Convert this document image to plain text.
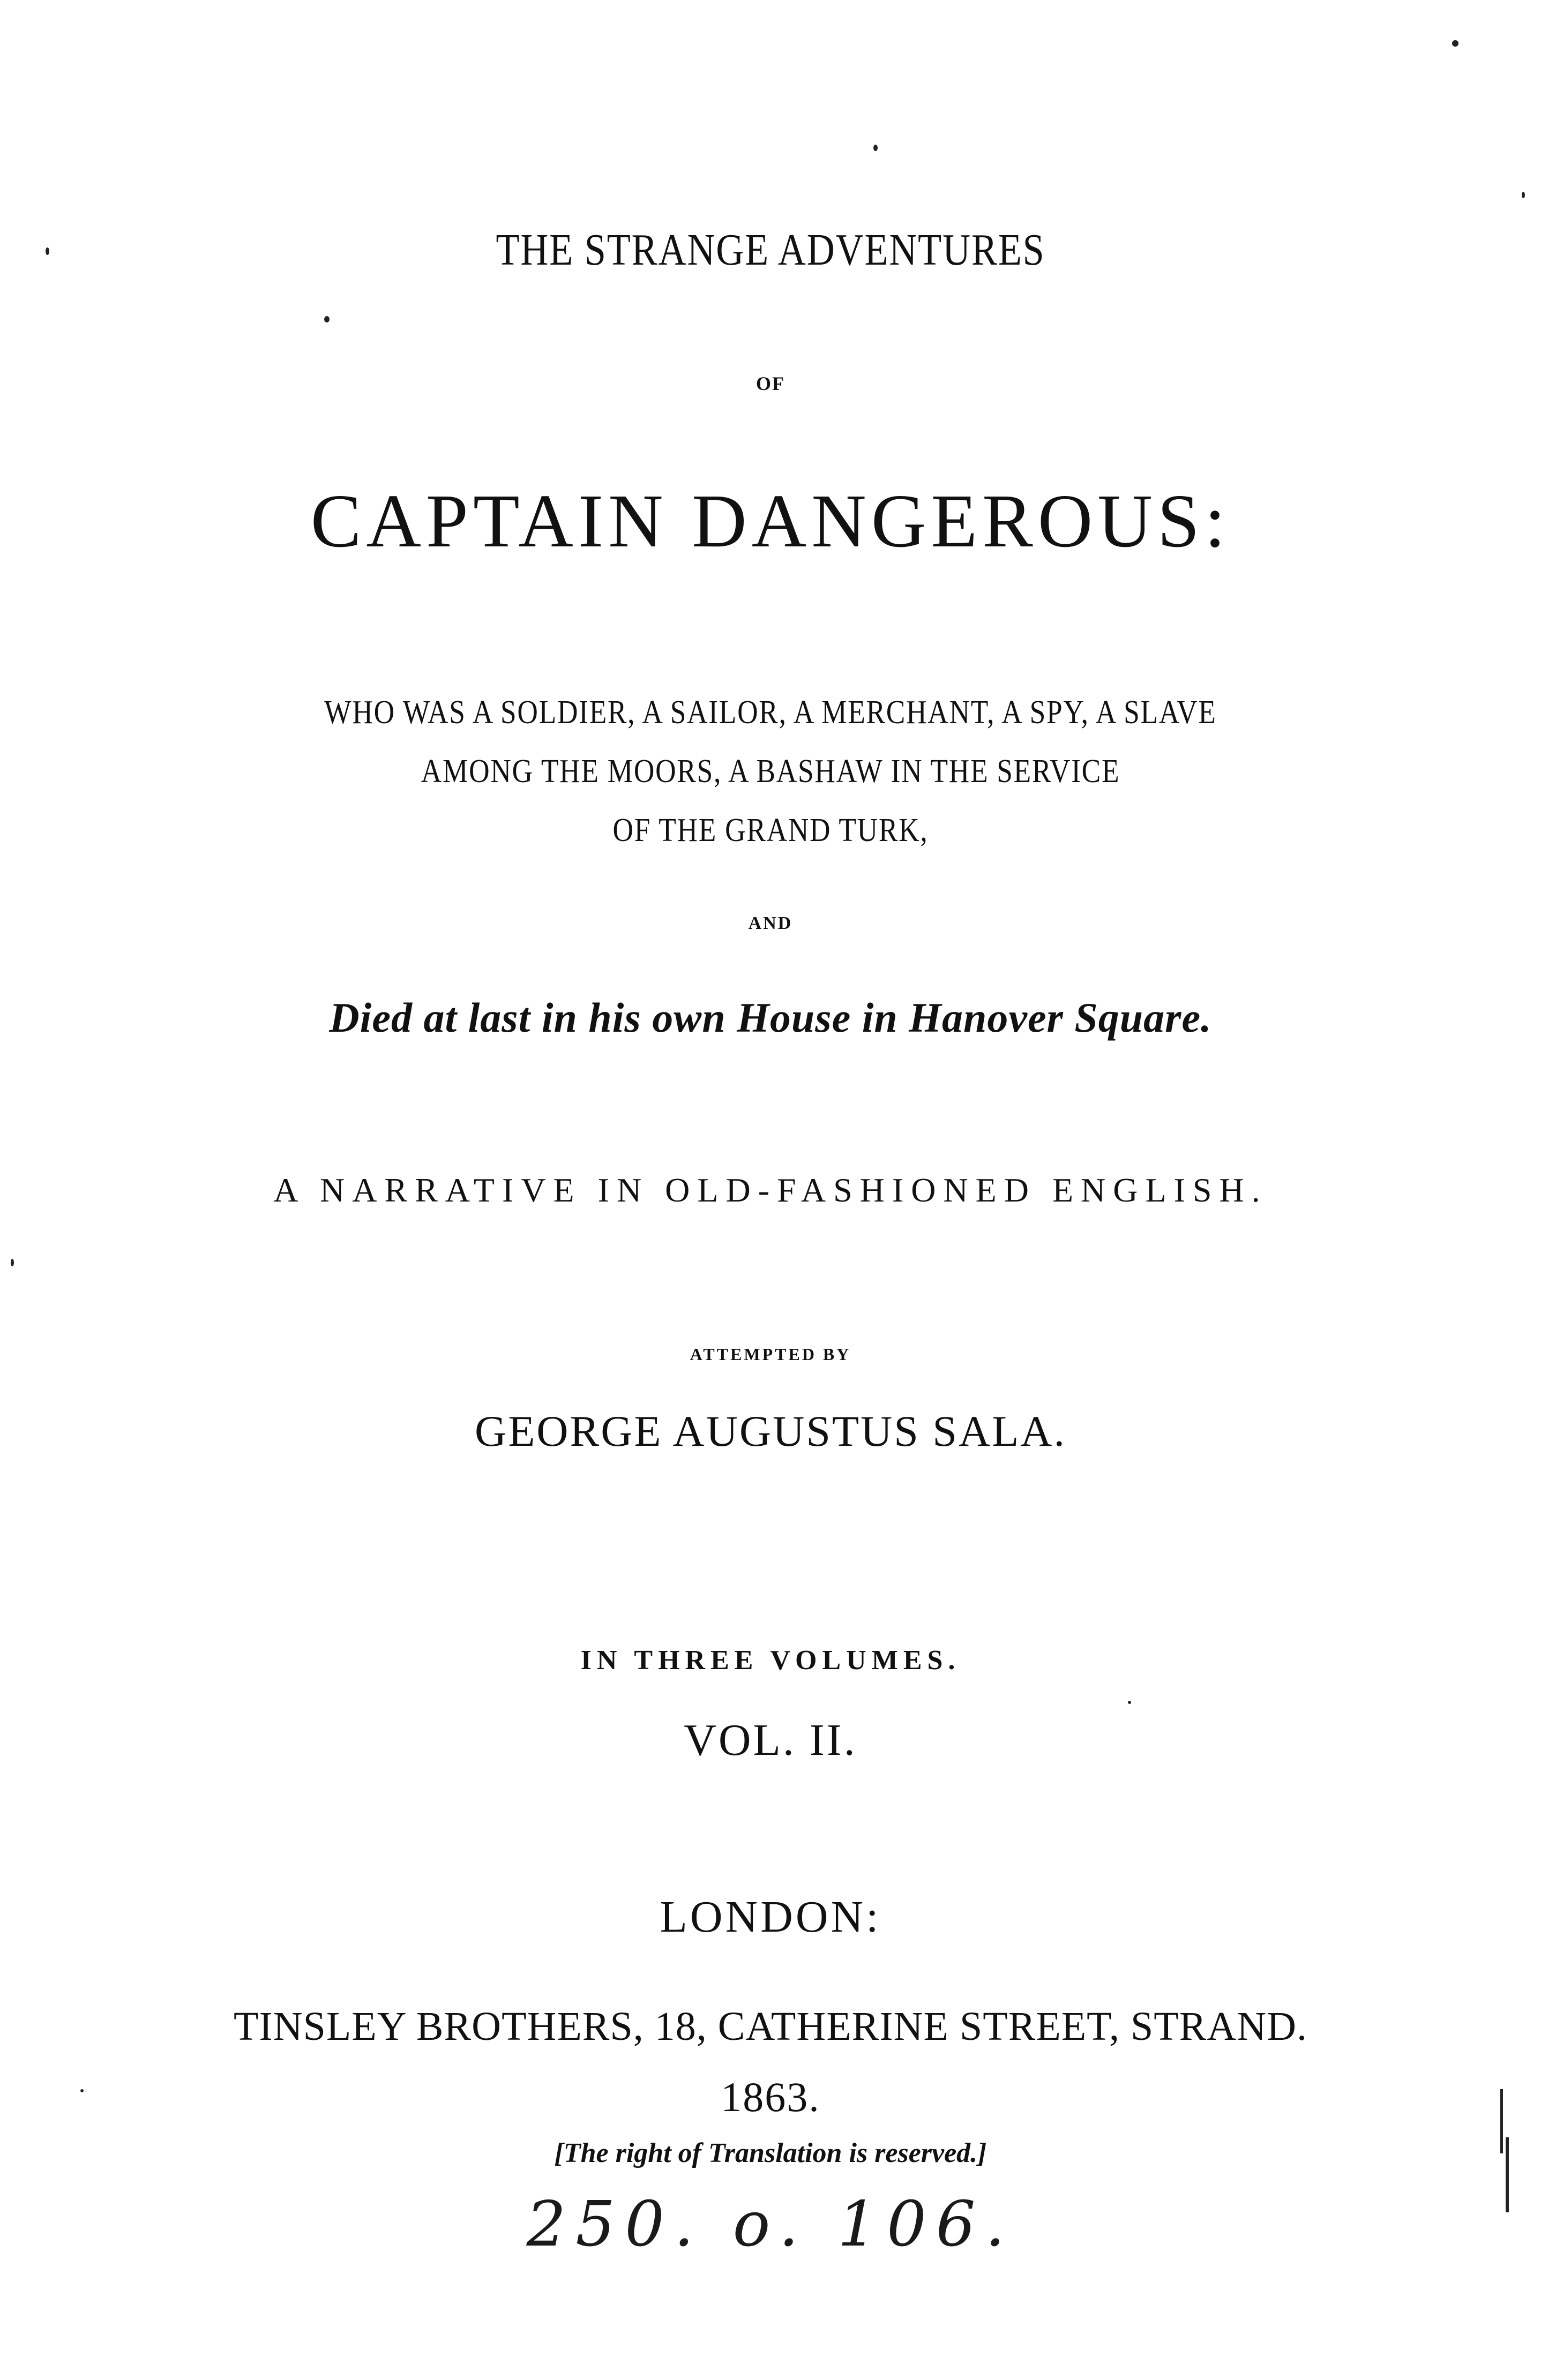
THE STRANGE ADVENTURES
OF
CAPTAIN DANGEROUS:
WHO WAS A SOLDIER, A SAILOR, A MERCHANT, A SPY, A SLAVE
AMONG THE MOORS, A BASHAW IN THE SERVICE
OF THE GRAND TURK,
AND
Died at last in his own House in Hanover Square.
A NARRATIVE IN OLD-FASHIONED ENGLISH.
ATTEMPTED BY
GEORGE AUGUSTUS SALA.
IN THREE VOLUMES.
VOL. II.
LONDON:
TINSLEY BROTHERS, 18, CATHERINE STREET, STRAND.
1863.
[The right of Translation is reserved.]
250. o. 106.
